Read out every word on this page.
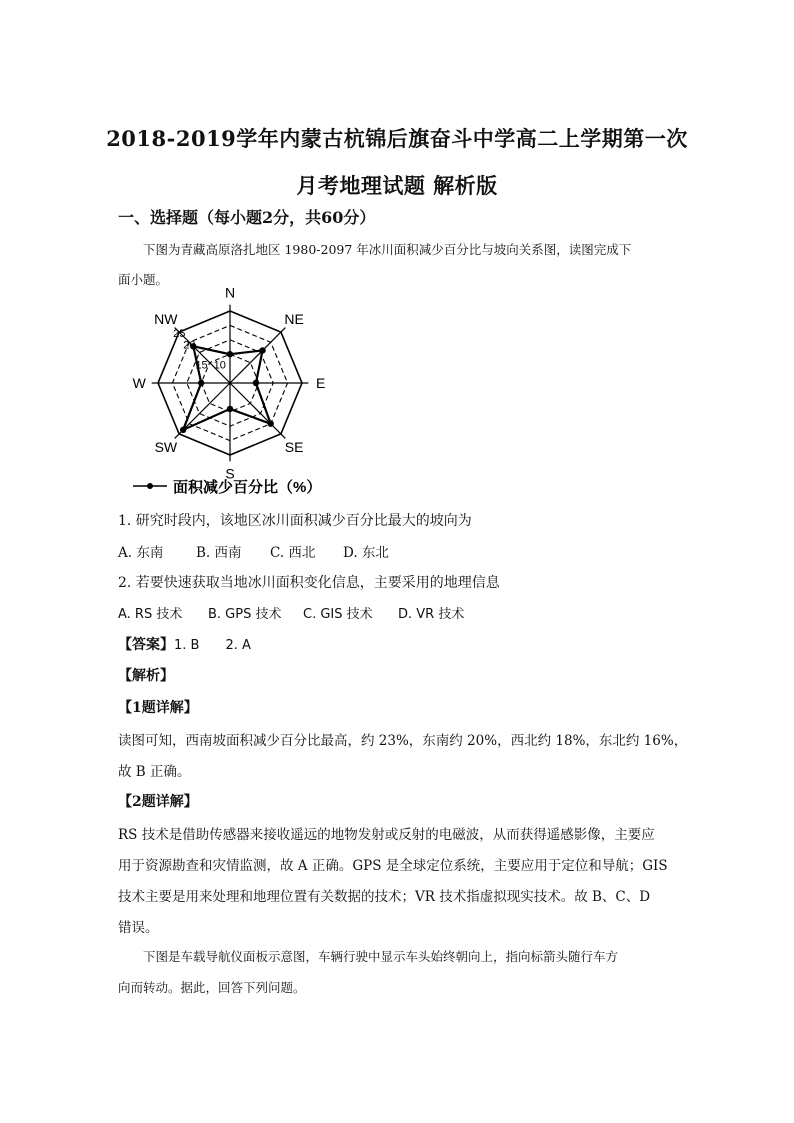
2018-2019学年内蒙古杭锦后旗奋斗中学高二上学期第一次
月考地理试题 解析版
一、选择题（每小题2分，共60分）
下图为青藏高原洛扎地区 1980-2097 年冰川面积减少百分比与坡向关系图，读图完成下
面小题。
N
NE
E
SE
S
SW
W
NW
10
15
20
25
面积减少百分比（%）
1. 研究时段内，该地区冰川面积减少百分比最大的坡向为
A. 东南 B. 西南 C. 西北 D. 东北
2. 若要快速获取当地冰川面积变化信息，主要采用的地理信息
A. RS 技术 B. GPS 技术 C. GIS 技术 D. VR 技术
【答案】1. B 2. A
【解析】
【1题详解】
读图可知，西南坡面积减少百分比最高，约 23%，东南约 20%，西北约 18%，东北约 16%，
故 B 正确。
【2题详解】
RS 技术是借助传感器来接收遥远的地物发射或反射的电磁波，从而获得遥感影像，主要应
用于资源勘查和灾情监测，故 A 正确。GPS 是全球定位系统，主要应用于定位和导航；GIS
技术主要是用来处理和地理位置有关数据的技术；VR 技术指虚拟现实技术。故 B、C、D
错误。
下图是车载导航仪面板示意图，车辆行驶中显示车头始终朝向上，指向标箭头随行车方
向而转动。据此，回答下列问题。
